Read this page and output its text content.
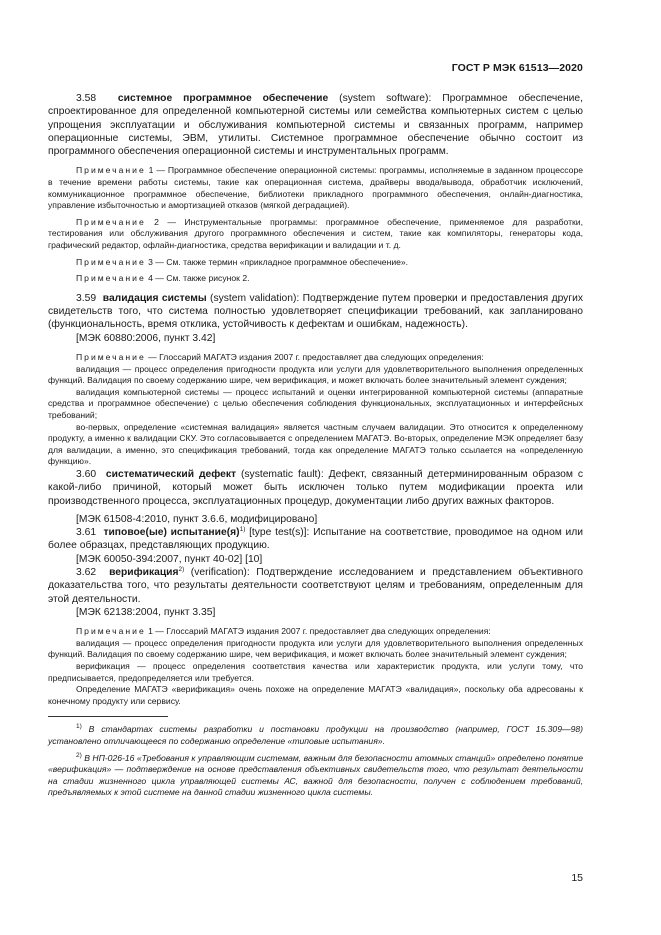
ГОСТ Р МЭК 61513—2020

3.58 системное программное обеспечение (system software): Программное обеспечение, спроектированное для определенной компьютерной системы или семейства компьютерных систем с целью упрощения эксплуатации и обслуживания компьютерной системы и связанных программ, например операционные системы, ЭВМ, утилиты. Системное программное обеспечение обычно состоит из программного обеспечения операционной системы и инструментальных программ.

Примечание 1 — Программное обеспечение операционной системы: программы, исполняемые в заданном процессоре в течение времени работы системы, такие как операционная система, драйверы ввода/вывода, обработчик исключений, коммуникационное программное обеспечение, библиотеки прикладного программного обеспечения, онлайн-диагностика, управление избыточностью и амортизацией отказов (мягкой деградацией).

Примечание 2 — Инструментальные программы: программное обеспечение, применяемое для разработки, тестирования или обслуживания другого программного обеспечения и систем, такие как компиляторы, генераторы кода, графический редактор, офлайн-диагностика, средства верификации и валидации и т. д.

Примечание 3 — См. также термин «прикладное программное обеспечение».

Примечание 4 — См. также рисунок 2.

3.59 валидация системы (system validation): Подтверждение путем проверки и предоставления других свидетельств того, что система полностью удовлетворяет спецификации требований, как запланировано (функциональность, время отклика, устойчивость к дефектам и ошибкам, надежность).

[МЭК 60880:2006, пункт 3.42]

Примечание — Глоссарий МАГАТЭ издания 2007 г. предоставляет два следующих определения:

валидация — процесс определения пригодности продукта или услуги для удовлетворительного выполнения определенных функций. Валидация по своему содержанию шире, чем верификация, и может включать более значительный элемент суждения;

валидация компьютерной системы — процесс испытаний и оценки интегрированной компьютерной системы (аппаратные средства и программное обеспечение) с целью обеспечения соблюдения функциональных, эксплуатационных и интерфейсных требований;

во-первых, определение «системная валидация» является частным случаем валидации. Это относится к определенному продукту, а именно к валидации СКУ. Это согласовывается с определением МАГАТЭ. Во-вторых, определение МЭК определяет базу для валидации, а именно, это спецификация требований, тогда как определение МАГАТЭ только ссылается на «определенную функцию».

3.60 систематический дефект (systematic fault): Дефект, связанный детерминированным образом с какой-либо причиной, который может быть исключен только путем модификации проекта или производственного процесса, эксплуатационных процедур, документации либо других важных факторов.

[МЭК 61508-4:2010, пункт 3.6.6, модифицировано]

3.61 типовое(ые) $испытание(я)^{1)}$ [type test(s)]: Испытание на соответствие, проводимое на одном или более образцах, представляющих продукцию.

[МЭК 60050-394:2007, пункт 40-02] [10]

3.62 верификация$^{2)}$ (verification): Подтверждение исследованием и представлением объективного доказательства того, что результаты деятельности соответствуют целям и требованиям, определенным для этой деятельности.

[МЭК 62138:2004, пункт 3.35]

Примечание 1 — Глоссарий МАГАТЭ издания 2007 г. предоставляет два следующих определения:

валидация — процесс определения пригодности продукта или услуги для удовлетворительного выполнения определенных функций. Валидация по своему содержанию шире, чем верификация, и может включать более значительный элемент суждения;

верификация — процесс определения соответствия качества или характеристик продукта, или услуги тому, что предписывается, предопределяется или требуется.

Определение МАГАТЭ «верификация» очень похоже на определение МАГАТЭ «валидация», поскольку оба адресованы к конечному продукту или сервису.

$^{1)}$ В стандартах системы разработки и постановки продукции на производство (например, ГОСТ 15.309—98) установлено отличающееся по содержанию определение «типовые испытания».

$^{2)}$ В НП-026-16 «Требования к управляющим системам, важным для безопасности атомных станций» определено понятие «верификация» — подтверждение на основе представления объективных свидетельств того, что результат деятельности на стадии жизненного цикла управляющей системы АС, важной для безопасности, получен с соблюдением требований, предъявляемых к этой системе на данной стадии жизненного цикла системы.

15
